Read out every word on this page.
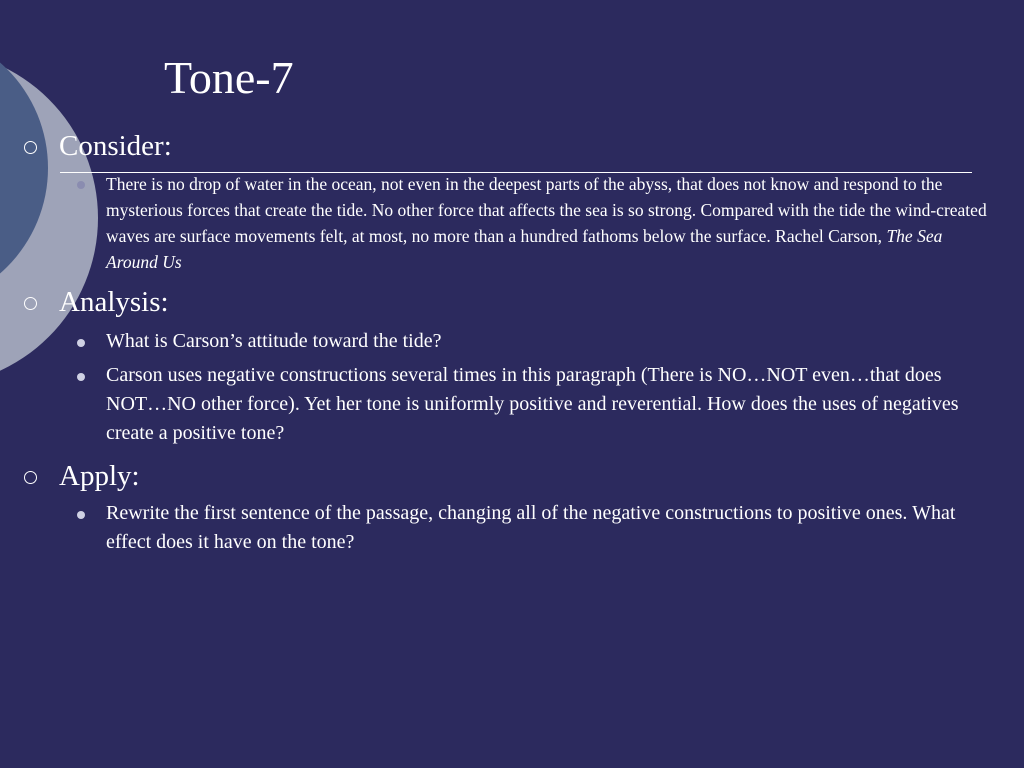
Tone-7
Consider:
There is no drop of water in the ocean, not even in the deepest parts of the abyss, that does not know and respond to the mysterious forces that create the tide. No other force that affects the sea is so strong. Compared with the tide the wind-created waves are surface movements felt, at most, no more than a hundred fathoms below the surface. Rachel Carson, The Sea Around Us
Analysis:
What is Carson’s attitude toward the tide?
Carson uses negative constructions several times in this paragraph (There is NO…NOT even…that does NOT…NO other force). Yet her tone is uniformly positive and reverential. How does the uses of negatives create a positive tone?
Apply:
Rewrite the first sentence of the passage, changing all of the negative constructions to positive ones. What effect does it have on the tone?
